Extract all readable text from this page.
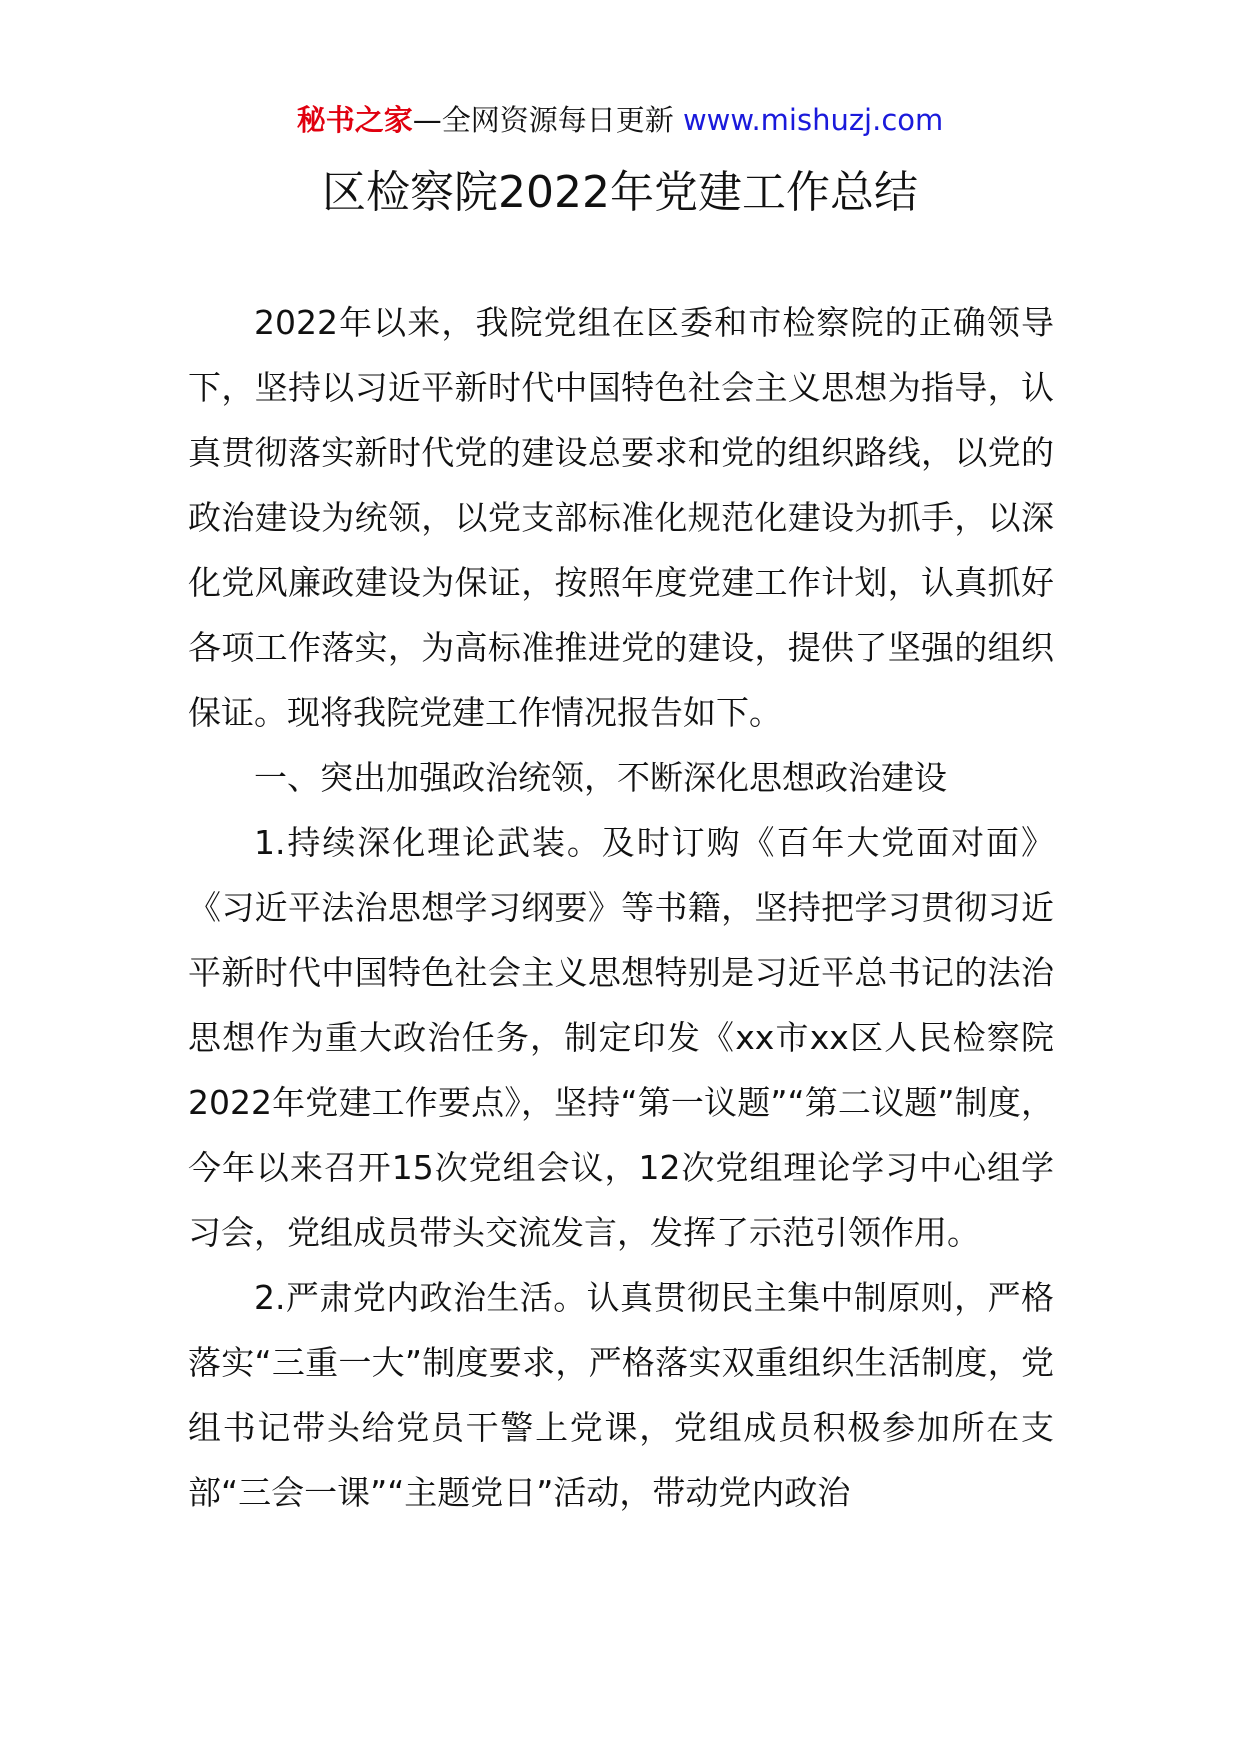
秘书之家—全网资源每日更新 www.mishuzj.com
区检察院2022年党建工作总结

2022年以来，我院党组在区委和市检察院的正确领导下，坚持以习近平新时代中国特色社会主义思想为指导，认真贯彻落实新时代党的建设总要求和党的组织路线，以党的政治建设为统领，以党支部标准化规范化建设为抓手，以深化党风廉政建设为保证，按照年度党建工作计划，认真抓好各项工作落实，为高标准推进党的建设，提供了坚强的组织保证。现将我院党建工作情况报告如下。

一、突出加强政治统领，不断深化思想政治建设

1.持续深化理论武装。及时订购《百年大党面对面》《习近平法治思想学习纲要》等书籍，坚持把学习贯彻习近平新时代中国特色社会主义思想特别是习近平总书记的法治思想作为重大政治任务，制定印发《xx市xx区人民检察院2022年党建工作要点》，坚持“第一议题”“第二议题”制度，今年以来召开15次党组会议，12次党组理论学习中心组学习会，党组成员带头交流发言，发挥了示范引领作用。

2.严肃党内政治生活。认真贯彻民主集中制原则，严格落实“三重一大”制度要求，严格落实双重组织生活制度，党组书记带头给党员干警上党课，党组成员积极参加所在支部“三会一课”“主题党日”活动，带动党内政治
